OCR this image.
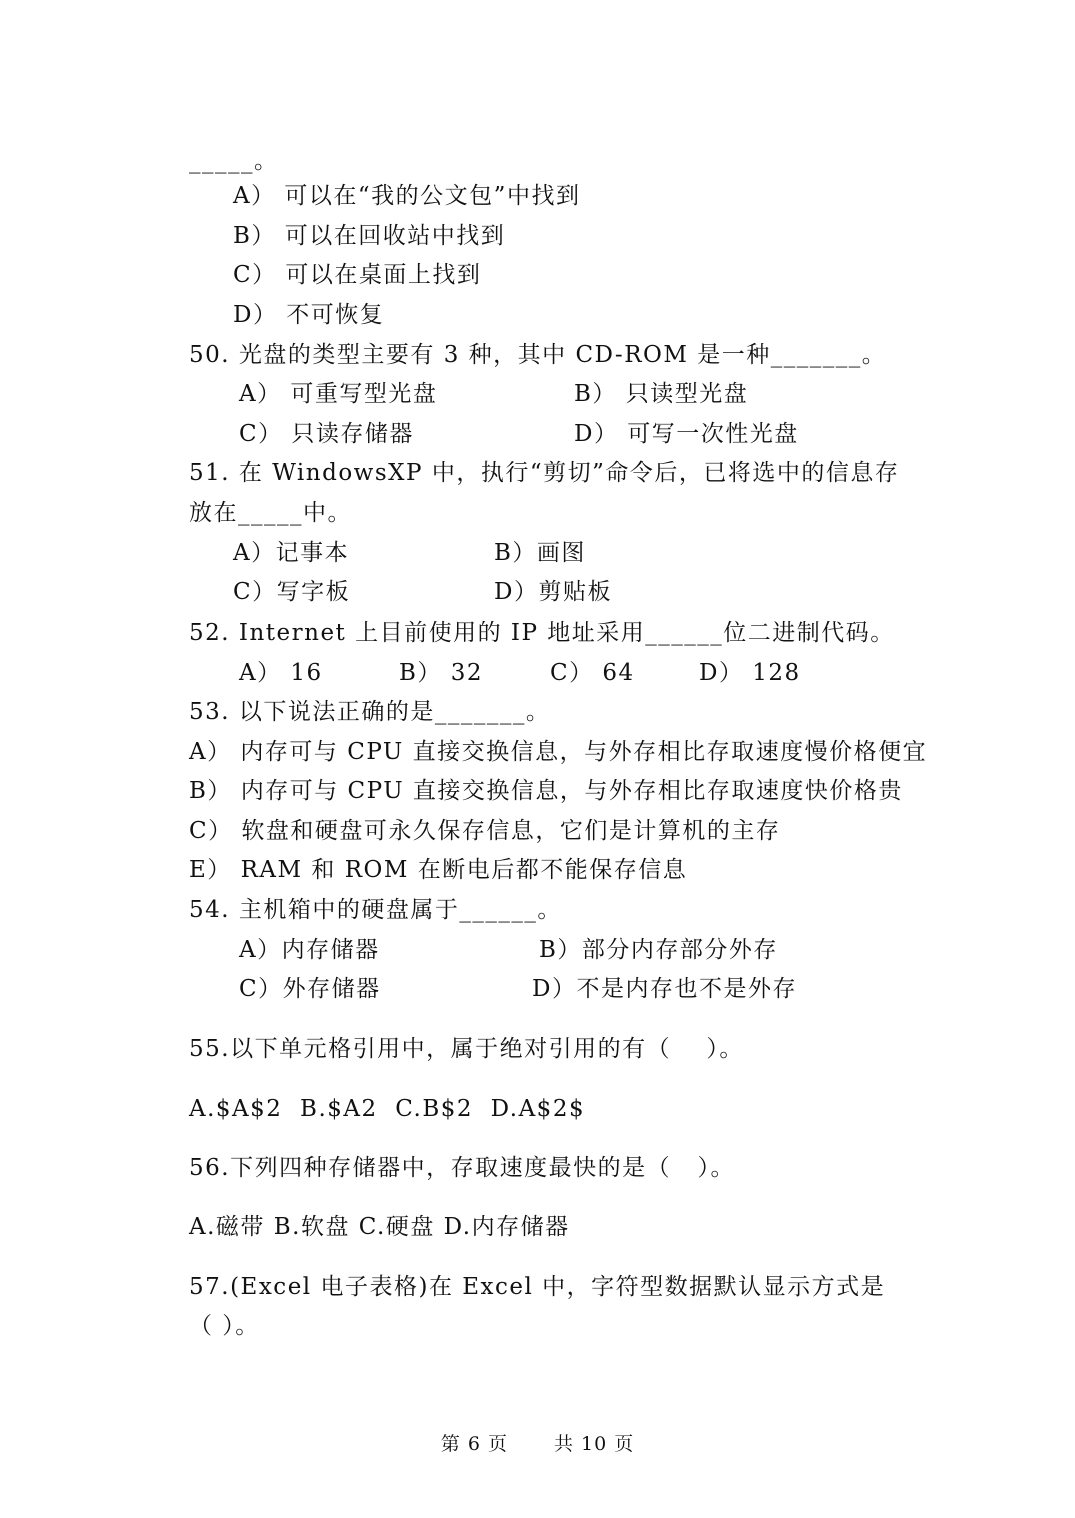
_____。
A） 可以在“我的公文包”中找到
B） 可以在回收站中找到
C） 可以在桌面上找到
D） 不可恢复
50. 光盘的类型主要有 3 种，其中 CD-ROM 是一种_______。
A） 可重写型光盘	B） 只读型光盘
C） 只读存储器	D） 可写一次性光盘
51. 在 WindowsXP 中，执行“剪切”命令后，已将选中的信息存
放在_____中。
A）记事本	B）画图
C）写字板	D）剪贴板
52. Internet 上目前使用的 IP 地址采用______位二进制代码。
A） 16	B） 32	C） 64	D） 128
53. 以下说法正确的是_______。
A） 内存可与 CPU 直接交换信息，与外存相比存取速度慢价格便宜
B） 内存可与 CPU 直接交换信息，与外存相比存取速度快价格贵
C） 软盘和硬盘可永久保存信息，它们是计算机的主存
E） RAM 和 ROM 在断电后都不能保存信息
54. 主机箱中的硬盘属于______。
A）内存储器	B）部分内存部分外存
C）外存储器	D）不是内存也不是外存
55.以下单元格引用中，属于绝对引用的有（    ）。
A.$A$2  B.$A2  C.B$2  D.A$2$
56.下列四种存储器中，存取速度最快的是（   ）。
A.磁带 B.软盘 C.硬盘 D.内存储器
57.(Excel 电子表格)在 Excel 中，字符型数据默认显示方式是
（ ）。
第 6 页 共 10 页
